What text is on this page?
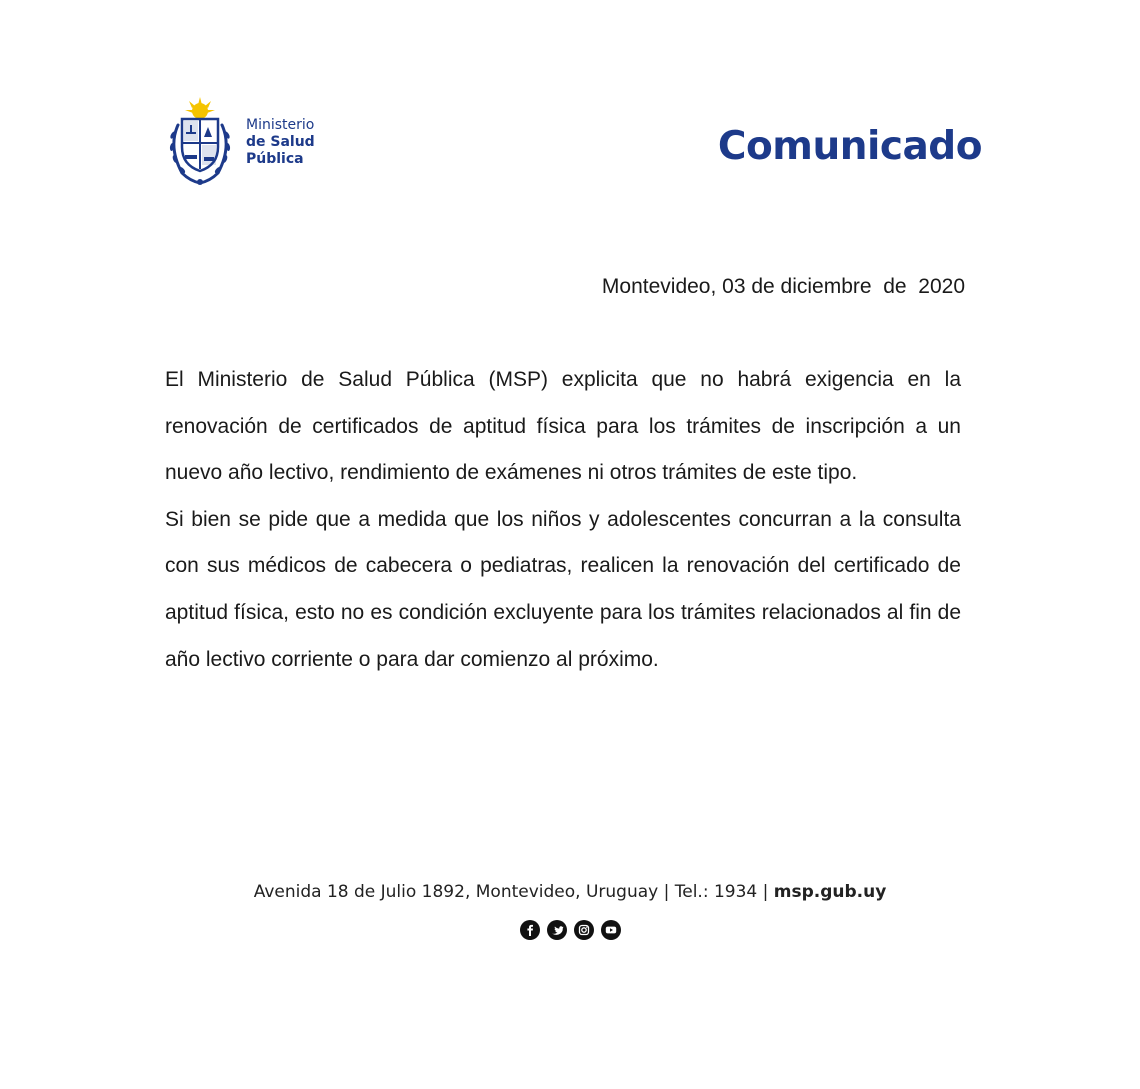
Ministerio
de Salud
Pública	Comunicado
Montevideo, 03 de diciembre  de  2020

El Ministerio de Salud Pública (MSP) explicita que no habrá exigencia en la renovación de certificados de aptitud física para los trámites de inscripción a un nuevo año lectivo, rendimiento de exámenes ni otros trámites de este tipo.

Si bien se pide que a medida que los niños y adolescentes concurran a la consulta con sus médicos de cabecera o pediatras, realicen la renovación del certificado de aptitud física, esto no es condición excluyente para los trámites relacionados al fin de año lectivo corriente o para dar comienzo al próximo.

Avenida 18 de Julio 1892, Montevideo, Uruguay | Tel.: 1934 | msp.gub.uy
